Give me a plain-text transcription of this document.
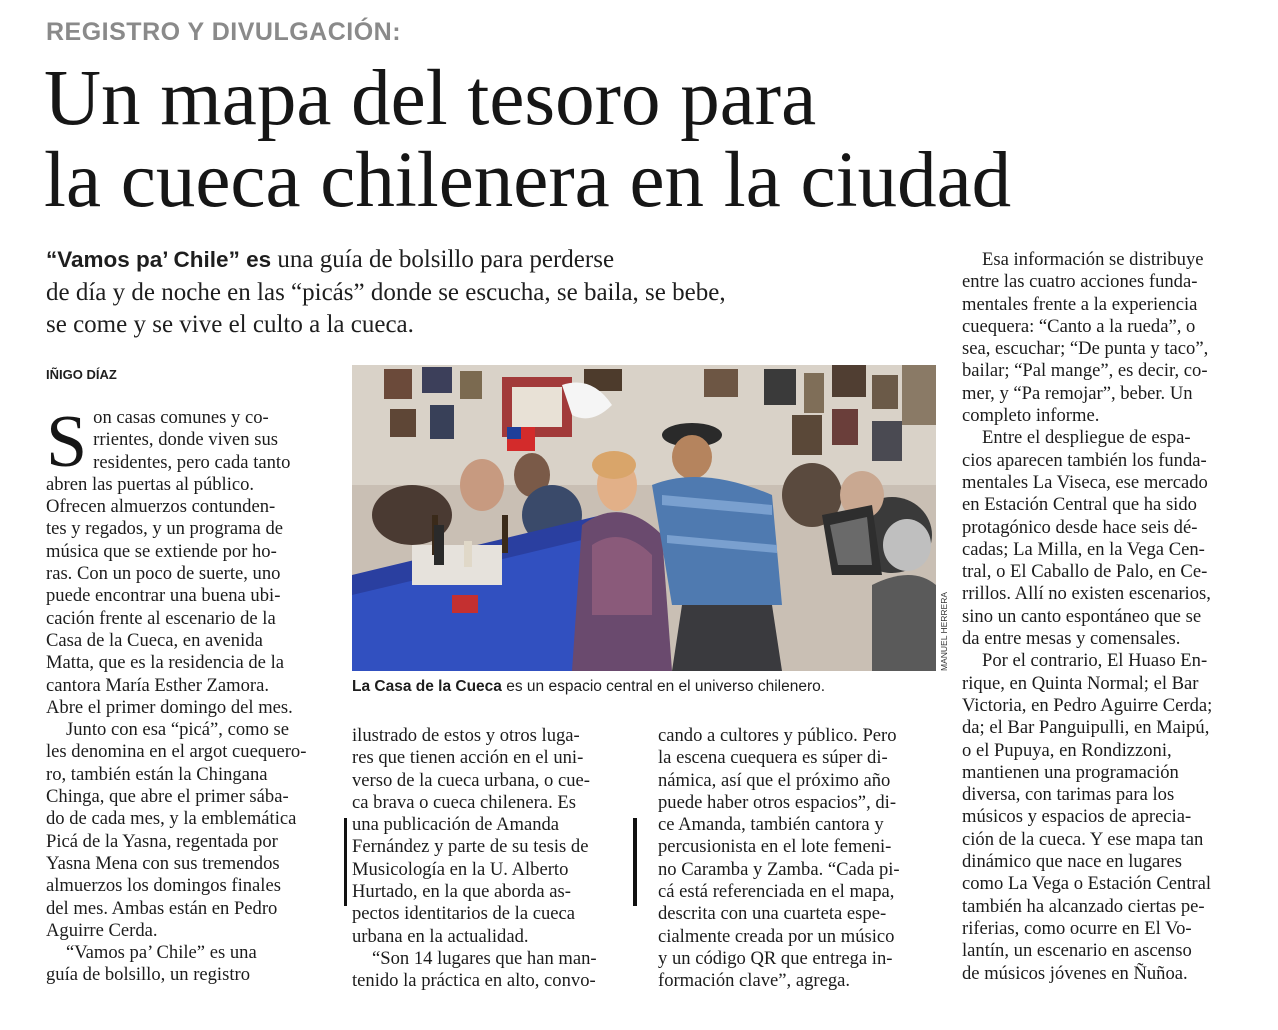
REGISTRO Y DIVULGACIÓN:
Un mapa del tesoro para
la cueca chilenera en la ciudad
“Vamos pa’ Chile” es una guía de bolsillo para perderse
de día y de noche en las “picás” donde se escucha, se baila, se bebe,
se come y se vive el culto a la cueca.
IÑIGO DÍAZ
MANUEL HERRERA
La Casa de la Cueca es un espacio central en el universo chilenero.
S on casas comunes y co-
rrientes, donde viven sus
residentes, pero cada tanto
abren las puertas al público.
Ofrecen almuerzos contunden-
tes y regados, y un programa de
música que se extiende por ho-
ras. Con un poco de suerte, uno
puede encontrar una buena ubi-
cación frente al escenario de la
Casa de la Cueca, en avenida
Matta, que es la residencia de la
cantora María Esther Zamora.
Abre el primer domingo del mes.
Junto con esa “picá”, como se
les denomina en el argot cuequero-
ro, también están la Chingana
Chinga, que abre el primer sába-
do de cada mes, y la emblemática
Picá de la Yasna, regentada por
Yasna Mena con sus tremendos
almuerzos los domingos finales
del mes. Ambas están en Pedro
Aguirre Cerda.
“Vamos pa’ Chile” es una
guía de bolsillo, un registro
ilustrado de estos y otros luga-
res que tienen acción en el uni-
verso de la cueca urbana, o cue-
ca brava o cueca chilenera. Es
una publicación de Amanda
Fernández y parte de su tesis de
Musicología en la U. Alberto
Hurtado, en la que aborda as-
pectos identitarios de la cueca
urbana en la actualidad.
“Son 14 lugares que han man-
tenido la práctica en alto, convo-
cando a cultores y público. Pero
la escena cuequera es súper di-
námica, así que el próximo año
puede haber otros espacios”, di-
ce Amanda, también cantora y
percusionista en el lote femeni-
no Caramba y Zamba. “Cada pi-
cá está referenciada en el mapa,
descrita con una cuarteta espe-
cialmente creada por un músico
y un código QR que entrega in-
formación clave”, agrega.
Esa información se distribuye
entre las cuatro acciones funda-
mentales frente a la experiencia
cuequera: “Canto a la rueda”, o
sea, escuchar; “De punta y taco”,
bailar; “Pal mange”, es decir, co-
mer, y “Pa remojar”, beber. Un
completo informe.
Entre el despliegue de espa-
cios aparecen también los funda-
mentales La Viseca, ese mercado
en Estación Central que ha sido
protagónico desde hace seis dé-
cadas; La Milla, en la Vega Cen-
tral, o El Caballo de Palo, en Ce-
rrillos. Allí no existen escenarios,
sino un canto espontáneo que se
da entre mesas y comensales.
Por el contrario, El Huaso En-
rique, en Quinta Normal; el Bar
Victoria, en Pedro Aguirre Cerda;
da; el Bar Panguipulli, en Maipú,
o el Pupuya, en Rondizzoni,
mantienen una programación
diversa, con tarimas para los
músicos y espacios de aprecia-
ción de la cueca. Y ese mapa tan
dinámico que nace en lugares
como La Vega o Estación Central
también ha alcanzado ciertas pe-
riferias, como ocurre en El Vo-
lantín, un escenario en ascenso
de músicos jóvenes en Ñuñoa.
